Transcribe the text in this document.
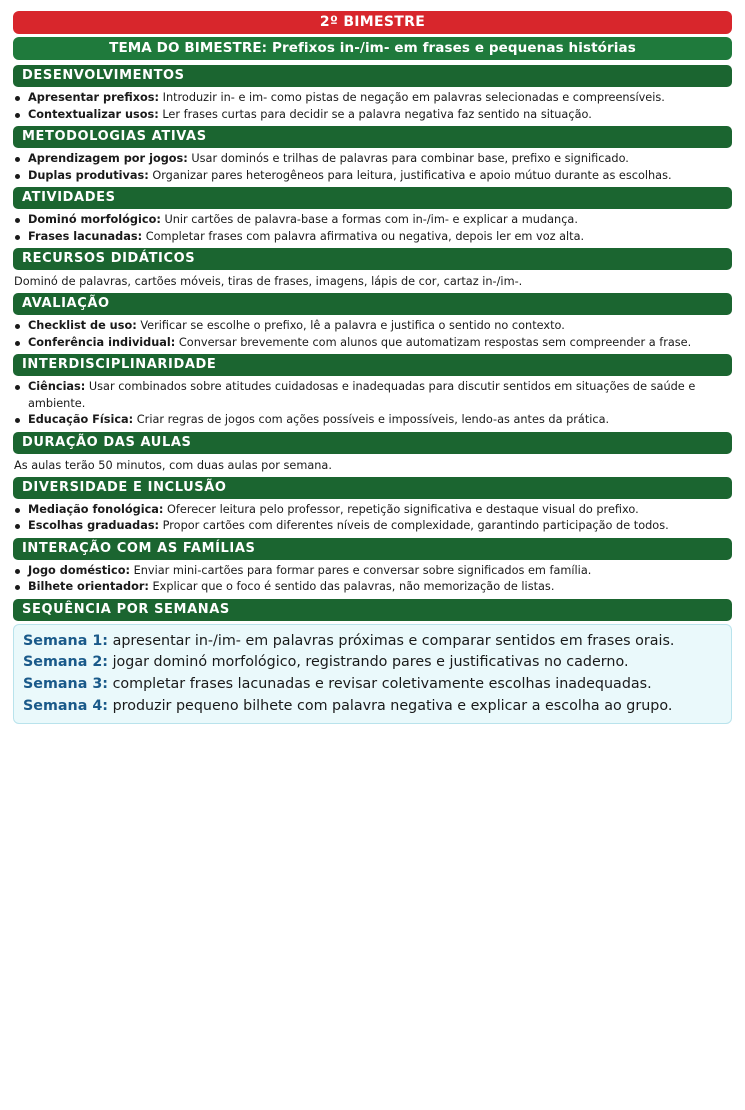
2º BIMESTRE
TEMA DO BIMESTRE: Prefixos in-/im- em frases e pequenas histórias
DESENVOLVIMENTOS
Apresentar prefixos: Introduzir in- e im- como pistas de negação em palavras selecionadas e compreensíveis.
Contextualizar usos: Ler frases curtas para decidir se a palavra negativa faz sentido na situação.
METODOLOGIAS ATIVAS
Aprendizagem por jogos: Usar dominós e trilhas de palavras para combinar base, prefixo e significado.
Duplas produtivas: Organizar pares heterogêneos para leitura, justificativa e apoio mútuo durante as escolhas.
ATIVIDADES
Dominó morfológico: Unir cartões de palavra-base a formas com in-/im- e explicar a mudança.
Frases lacunadas: Completar frases com palavra afirmativa ou negativa, depois ler em voz alta.
RECURSOS DIDÁTICOS
Dominó de palavras, cartões móveis, tiras de frases, imagens, lápis de cor, cartaz in-/im-.
AVALIAÇÃO
Checklist de uso: Verificar se escolhe o prefixo, lê a palavra e justifica o sentido no contexto.
Conferência individual: Conversar brevemente com alunos que automatizam respostas sem compreender a frase.
INTERDISCIPLINARIDADE
Ciências: Usar combinados sobre atitudes cuidadosas e inadequadas para discutir sentidos em situações de saúde e ambiente.
Educação Física: Criar regras de jogos com ações possíveis e impossíveis, lendo-as antes da prática.
DURAÇÃO DAS AULAS
As aulas terão 50 minutos, com duas aulas por semana.
DIVERSIDADE E INCLUSÃO
Mediação fonológica: Oferecer leitura pelo professor, repetição significativa e destaque visual do prefixo.
Escolhas graduadas: Propor cartões com diferentes níveis de complexidade, garantindo participação de todos.
INTERAÇÃO COM AS FAMÍLIAS
Jogo doméstico: Enviar mini-cartões para formar pares e conversar sobre significados em família.
Bilhete orientador: Explicar que o foco é sentido das palavras, não memorização de listas.
SEQUÊNCIA POR SEMANAS
Semana 1: apresentar in-/im- em palavras próximas e comparar sentidos em frases orais.
Semana 2: jogar dominó morfológico, registrando pares e justificativas no caderno.
Semana 3: completar frases lacunadas e revisar coletivamente escolhas inadequadas.
Semana 4: produzir pequeno bilhete com palavra negativa e explicar a escolha ao grupo.
